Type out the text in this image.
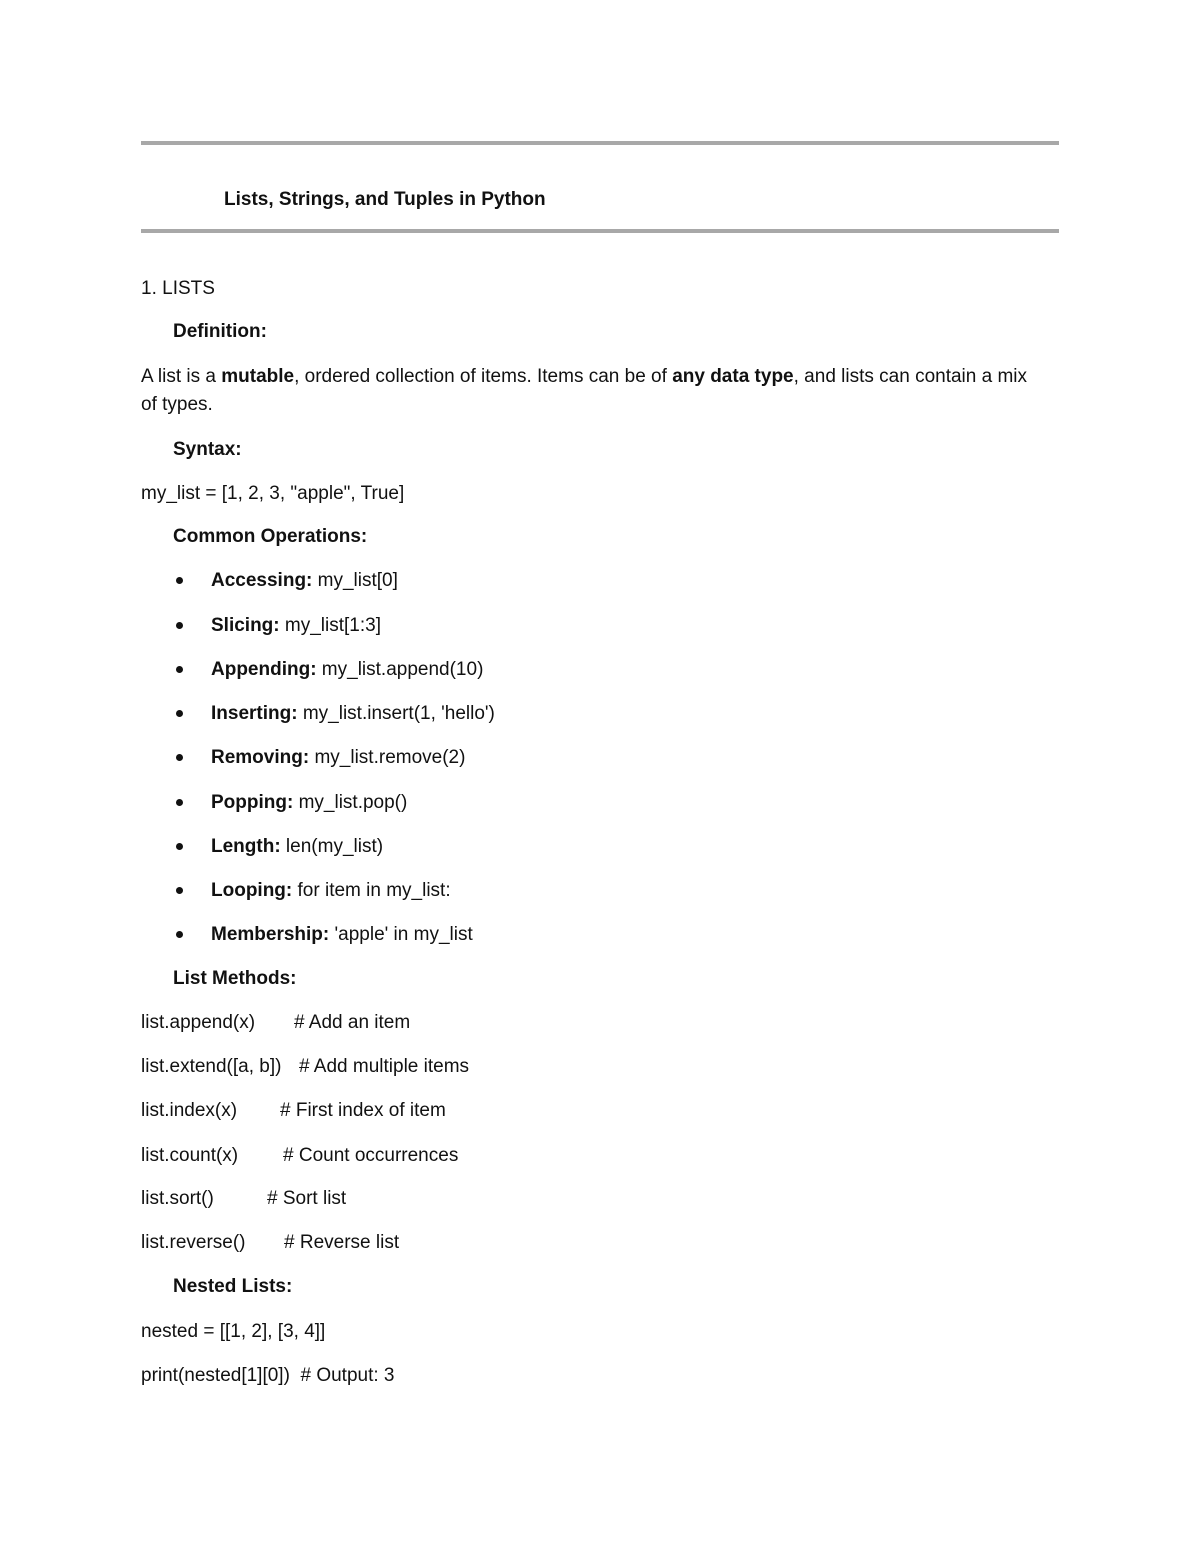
Lists, Strings, and Tuples in Python
1. LISTS
Definition:
A list is a mutable, ordered collection of items. Items can be of any data type, and lists can contain a mix
of types.
Syntax:
my_list = [1, 2, 3, "apple", True]
Common Operations:
Accessing: my_list[0]
Slicing: my_list[1:3]
Appending: my_list.append(10)
Inserting: my_list.insert(1, 'hello')
Removing: my_list.remove(2)
Popping: my_list.pop()
Length: len(my_list)
Looping: for item in my_list:
Membership: 'apple' in my_list
List Methods:
list.append(x) # Add an item
list.extend([a, b]) # Add multiple items
list.index(x) # First index of item
list.count(x) # Count occurrences
list.sort()	# Sort list
list.reverse() # Reverse list
Nested Lists:
nested = [[1, 2], [3, 4]]
print(nested[1][0])  # Output: 3
